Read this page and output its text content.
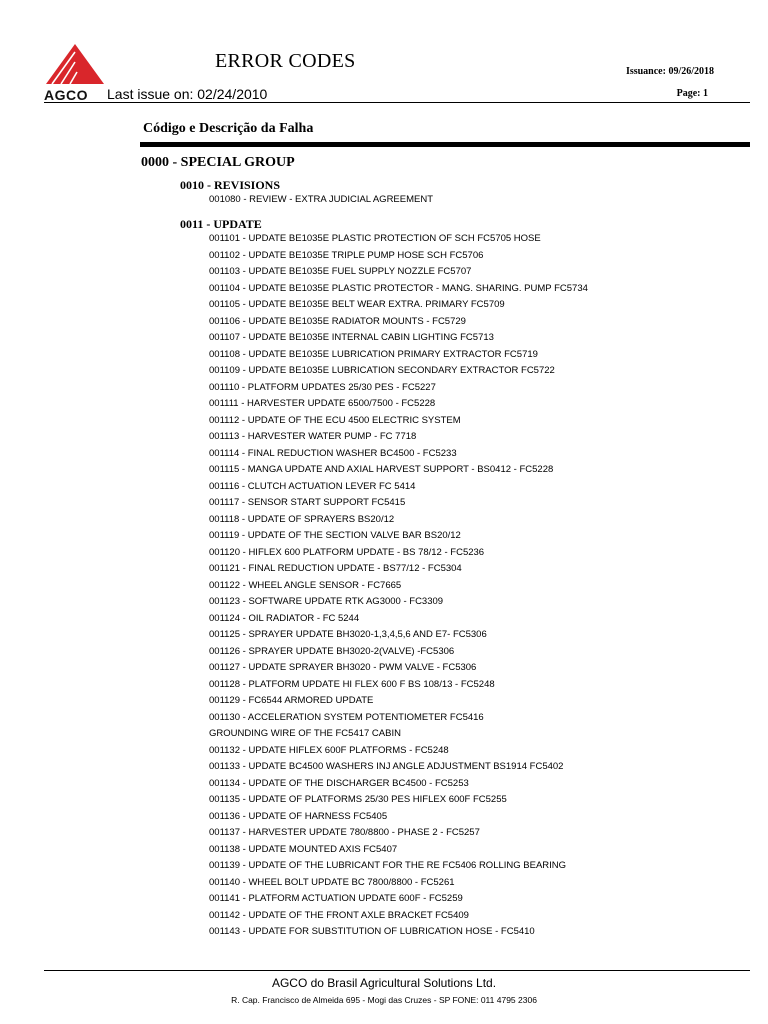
AGCO
ERROR CODES
Last issue on: 02/24/2010
Issuance: 09/26/2018
Page: 1
Código e Descrição da Falha
0000 - SPECIAL GROUP
0010 - REVISIONS
001080 - REVIEW - EXTRA JUDICIAL AGREEMENT
0011 - UPDATE
001101 - UPDATE BE1035E PLASTIC PROTECTION OF SCH FC5705 HOSE
001102 - UPDATE BE1035E TRIPLE PUMP HOSE SCH FC5706
001103 - UPDATE BE1035E FUEL SUPPLY NOZZLE FC5707
001104 - UPDATE BE1035E PLASTIC PROTECTOR - MANG. SHARING. PUMP FC5734
001105 - UPDATE BE1035E BELT WEAR EXTRA. PRIMARY FC5709
001106 - UPDATE BE1035E RADIATOR MOUNTS - FC5729
001107 - UPDATE BE1035E INTERNAL CABIN LIGHTING FC5713
001108 - UPDATE BE1035E LUBRICATION PRIMARY EXTRACTOR FC5719
001109 - UPDATE BE1035E LUBRICATION SECONDARY EXTRACTOR FC5722
001110 - PLATFORM UPDATES 25/30 PES - FC5227
001111 - HARVESTER UPDATE 6500/7500 - FC5228
001112 - UPDATE OF THE ECU 4500 ELECTRIC SYSTEM
001113 - HARVESTER WATER PUMP - FC 7718
001114 - FINAL REDUCTION WASHER BC4500 - FC5233
001115 - MANGA UPDATE AND AXIAL HARVEST SUPPORT - BS0412 - FC5228
001116 - CLUTCH ACTUATION LEVER FC 5414
001117 - SENSOR START SUPPORT FC5415
001118 - UPDATE OF SPRAYERS BS20/12
001119 - UPDATE OF THE SECTION VALVE BAR BS20/12
001120 - HIFLEX 600 PLATFORM UPDATE - BS 78/12 - FC5236
001121 - FINAL REDUCTION UPDATE - BS77/12 - FC5304
001122 - WHEEL ANGLE SENSOR - FC7665
001123 - SOFTWARE UPDATE RTK AG3000 - FC3309
001124 - OIL RADIATOR - FC 5244
001125 - SPRAYER UPDATE BH3020-1,3,4,5,6 AND E7- FC5306
001126 - SPRAYER UPDATE BH3020-2(VALVE) -FC5306
001127 - UPDATE SPRAYER BH3020 - PWM VALVE - FC5306
001128 - PLATFORM UPDATE HI FLEX 600 F BS 108/13 - FC5248
001129 - FC6544 ARMORED UPDATE
001130 - ACCELERATION SYSTEM POTENTIOMETER FC5416
GROUNDING WIRE OF THE FC5417 CABIN
001132 - UPDATE HIFLEX 600F PLATFORMS - FC5248
001133 - UPDATE BC4500 WASHERS INJ ANGLE ADJUSTMENT BS1914 FC5402
001134 - UPDATE OF THE DISCHARGER BC4500 - FC5253
001135 - UPDATE OF PLATFORMS 25/30 PES HIFLEX 600F FC5255
001136 - UPDATE OF HARNESS FC5405
001137 - HARVESTER UPDATE 780/8800 - PHASE 2 - FC5257
001138 - UPDATE MOUNTED AXIS FC5407
001139 - UPDATE OF THE LUBRICANT FOR THE RE FC5406 ROLLING BEARING
001140 - WHEEL BOLT UPDATE BC 7800/8800 - FC5261
001141 - PLATFORM ACTUATION UPDATE 600F - FC5259
001142 - UPDATE OF THE FRONT AXLE BRACKET FC5409
001143 - UPDATE FOR SUBSTITUTION OF LUBRICATION HOSE - FC5410
AGCO do Brasil Agricultural Solutions Ltd.
R. Cap. Francisco de Almeida 695 - Mogi das Cruzes - SP FONE: 011 4795 2306
